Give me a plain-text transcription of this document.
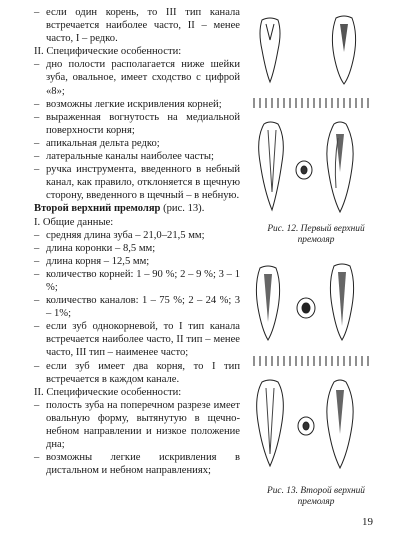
– если один корень, то III тип канала встречается наиболее часто, II – менее часто, I – редко.

II. Специфические особенности:

– дно полости располагается ниже шейки зуба, овальное, имеет сходство с цифрой «8»;

– возможны легкие искривления корней;

– выраженная вогнутость на медиальной поверхности корня;

– апикальная дельта редко;

– латеральные каналы наиболее часты;

– ручка инструмента, введенного в небный канал, как правило, отклоняется в щечную сторону, введенного в щечный – в небную.

Второй верхний премоляр (рис. 13).

I. Общие данные:

– средняя длина зуба – 21,0–21,5 мм;

– длина коронки – 8,5 мм;

– длина корня – 12,5 мм;

– количество корней: 1 – 90 %; 2 – 9 %; 3 – 1 %;

– количество каналов: 1 – 75 %; 2 – 24 %; 3 – 1%;

– если зуб однокорневой, то I тип канала встречается наиболее часто, II тип – менее часто, III тип – наименее часто;

– если зуб имеет два корня, то I тип встречается в каждом канале.

II. Специфические особенности:

– полость зуба на поперечном разрезе имеет овальную форму, вытянутую в щечно-небном направлении и низкое положение дна;

– возможны легкие искривления в дистальном и небном направлениях;

Рис. 12. Первый верхний
премоляр
Рис. 13. Второй верхний
премоляр
19
